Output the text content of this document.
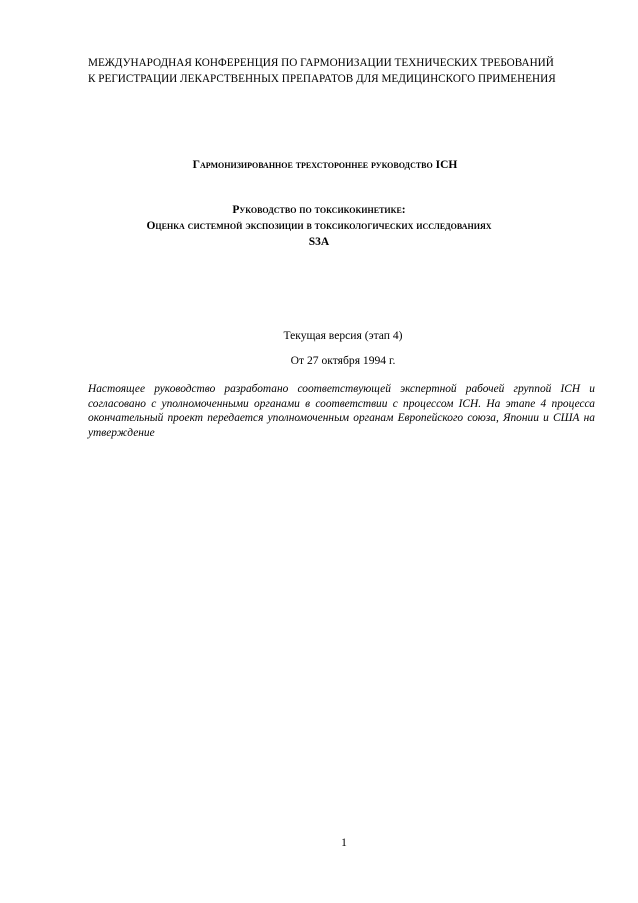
МЕЖДУНАРОДНАЯ КОНФЕРЕНЦИЯ ПО ГАРМОНИЗАЦИИ ТЕХНИЧЕСКИХ ТРЕБОВАНИЙ
К РЕГИСТРАЦИИ ЛЕКАРСТВЕННЫХ ПРЕПАРАТОВ ДЛЯ МЕДИЦИНСКОГО ПРИМЕНЕНИЯ
Гармонизированное трехстороннее руководство ICH
Руководство по токсикокинетике:
Оценка системной экспозиции в токсикологических исследованиях
S3A
Текущая версия (этап 4)
От 27 октября 1994 г.
Настоящее руководство разработано соответствующей экспертной рабочей группой ICH и согласовано с уполномоченными органами в соответствии с процессом ICH. На этапе 4 процесса окончательный проект передается уполномоченным органам Европейского союза, Японии и США на утверждение
1
